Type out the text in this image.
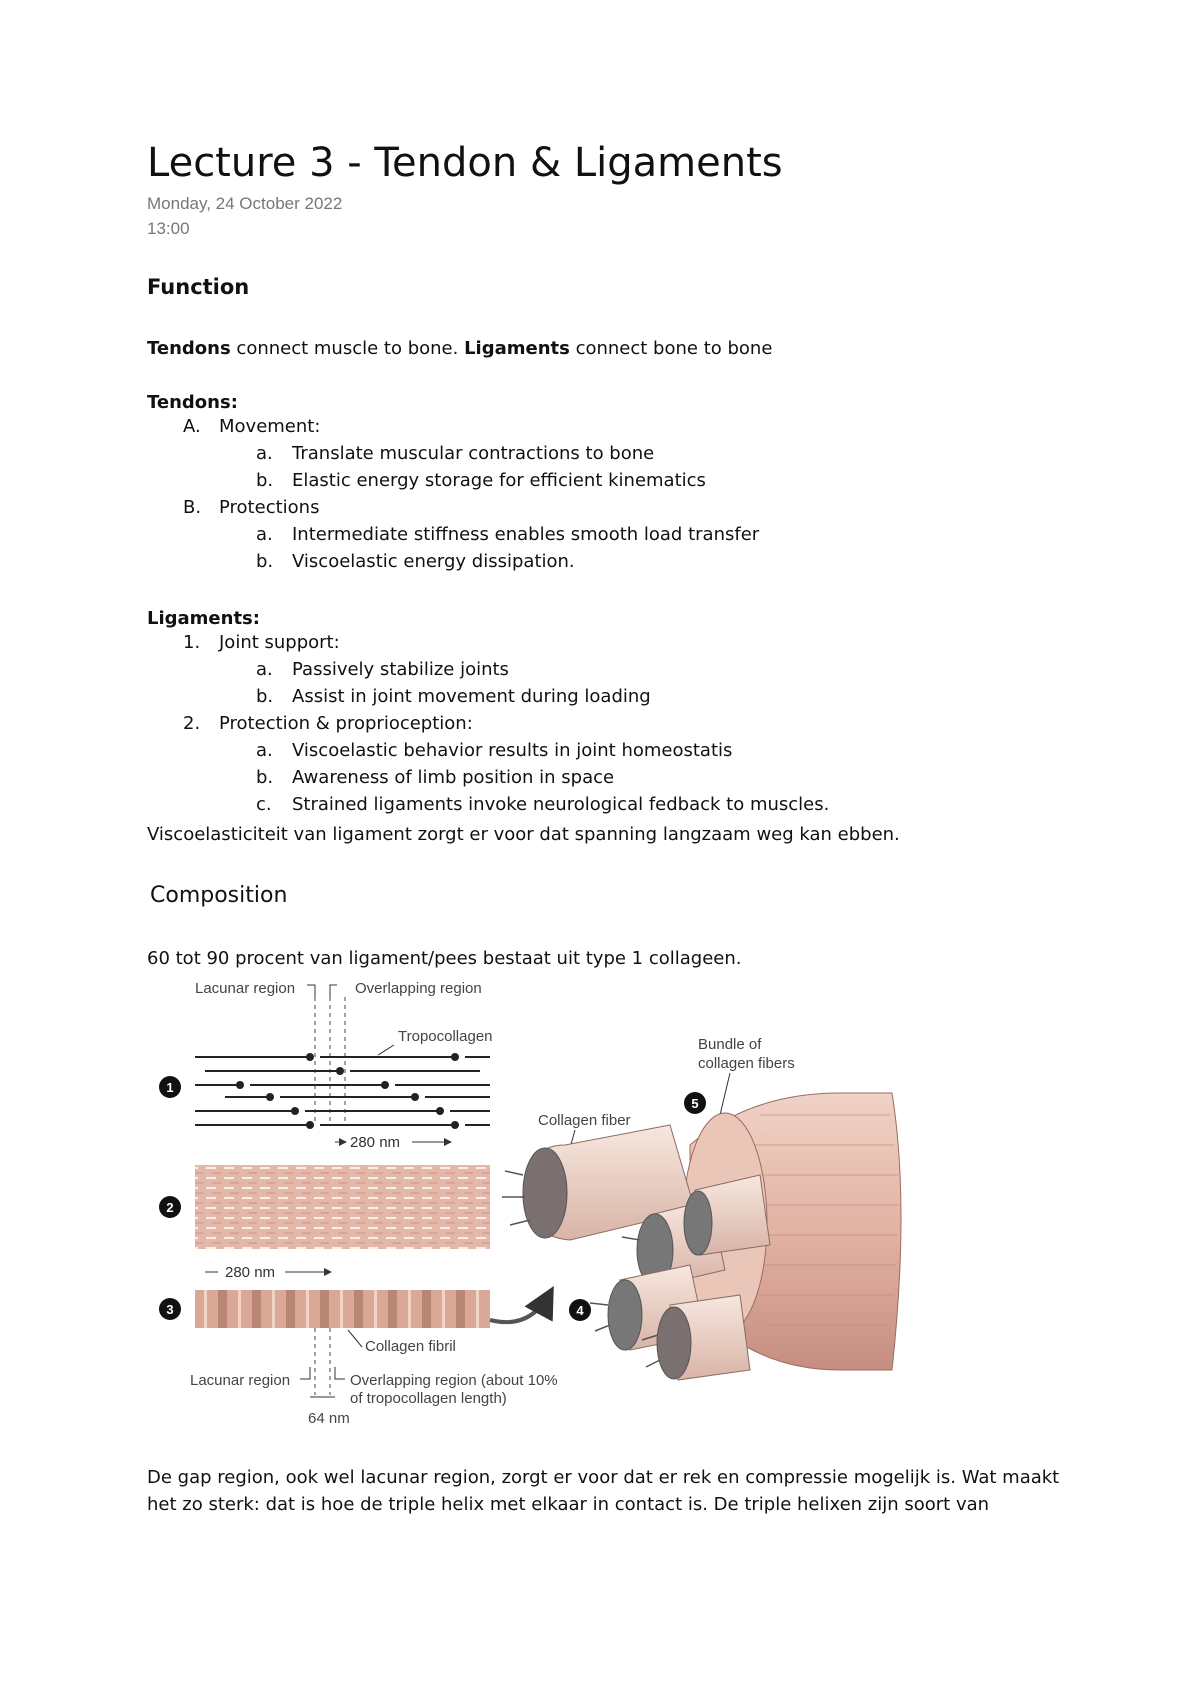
Lecture 3 - Tendon & Ligaments
Monday, 24 October 2022
13:00
Function

Tendons connect muscle to bone. Ligaments connect bone to bone

Tendons:
A. Movement:
a. Translate muscular contractions to bone
b. Elastic energy storage for efficient kinematics
B. Protections
a. Intermediate stiffness enables smooth load transfer
b. Viscoelastic energy dissipation.
Ligaments:
1. Joint support:
a. Passively stabilize joints
b. Assist in joint movement during loading
2. Protection & proprioception:
a. Viscoelastic behavior results in joint homeostatis
b. Awareness of limb position in space
c. Strained ligaments invoke neurological fedback to muscles.
Viscoelasticiteit van ligament zorgt er voor dat spanning langzaam weg kan ebben.
Composition
60 tot 90 procent van ligament/pees bestaat uit type 1 collageen.
Lacunar region	Overlapping region
Tropocollagen
1
280 nm
2
280 nm
3
Collagen fibril
Lacunar region	Overlapping region (about 10%
of tropocollagen length)
64 nm
Collagen fiber
Bundle of
collagen fibers
5
4
De gap region, ook wel lacunar region, zorgt er voor dat er rek en compressie mogelijk is. Wat maakt
het zo sterk: dat is hoe de triple helix met elkaar in contact is. De triple helixen zijn soort van
